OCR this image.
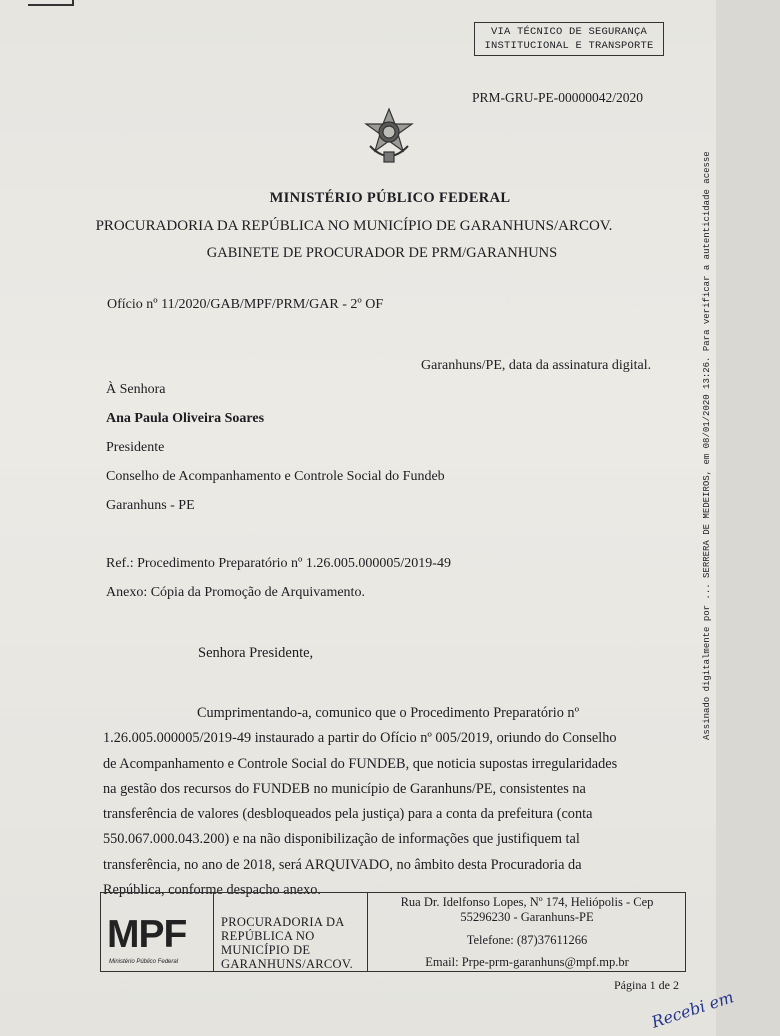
VIA TÉCNICO DE SEGURANÇA
INSTITUCIONAL E TRANSPORTE
PRM-GRU-PE-00000042/2020
MINISTÉRIO PÚBLICO FEDERAL
PROCURADORIA DA REPÚBLICA NO MUNICÍPIO DE GARANHUNS/ARCOV.
GABINETE DE PROCURADOR DE PRM/GARANHUNS
Ofício nº 11/2020/GAB/MPF/PRM/GAR - 2º OF
Garanhuns/PE, data da assinatura digital.
À Senhora
Ana Paula Oliveira Soares
Presidente
Conselho de Acompanhamento e Controle Social do Fundeb
Garanhuns - PE
Ref.: Procedimento Preparatório nº 1.26.005.000005/2019-49
Anexo: Cópia da Promoção de Arquivamento.
Senhora Presidente,
Cumprimentando-a, comunico que o Procedimento Preparatório nº
1.26.005.000005/2019-49 instaurado a partir do Ofício nº 005/2019, oriundo do Conselho
de Acompanhamento e Controle Social do FUNDEB, que noticia supostas irregularidades
na gestão dos recursos do FUNDEB no município de Garanhuns/PE, consistentes na
transferência de valores (desbloqueados pela justiça) para a conta da prefeitura (conta
550.067.000.043.200) e na não disponibilização de informações que justifiquem tal
transferência, no ano de 2018, será ARQUIVADO, no âmbito desta Procuradoria da
República, conforme despacho anexo.
MPF
Ministério Público Federal
PROCURADORIA DA
REPÚBLICA NO
MUNICÍPIO DE
GARANHUNS/ARCOV.
Rua Dr. Idelfonso Lopes, Nº 174, Heliópolis - Cep
55296230 - Garanhuns-PE
Telefone: (87)37611266
Email: Prpe-prm-garanhuns@mpf.mp.br
Página 1 de 2
Assinado digitalmente por ... SERRERA DE MEDEIROS, em 08/01/2020 13:26. Para verificar a autenticidade acesse
Recebi em
